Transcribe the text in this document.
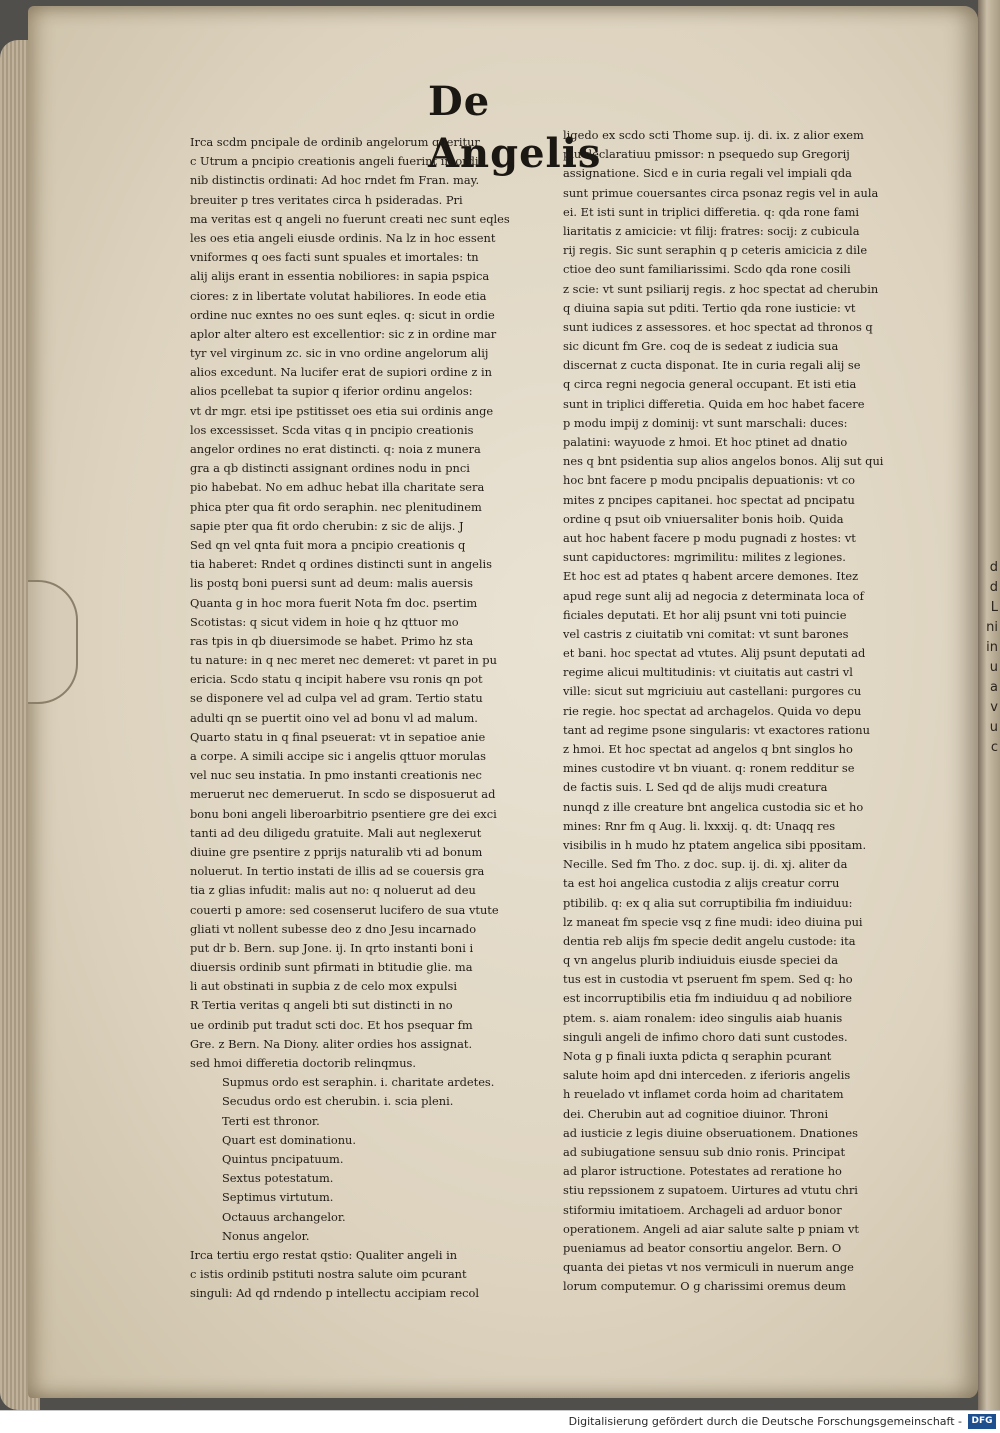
d
d
L
ni
in
u
a
v
u
c
De Angelis
Irca scdm pncipale de ordinib angelorum queritur
c Utrum a pncipio creationis angeli fuerint in ordi
nib distinctis ordinati: Ad hoc rndet fm Fran. may.
breuiter p tres veritates circa h psideradas. Pri
ma veritas est q angeli no fuerunt creati nec sunt eqles
les oes etia angeli eiusde ordinis. Na lz in hoc essent
vniformes q oes facti sunt spuales et imortales: tn
alij alijs erant in essentia nobiliores: in sapia pspica
ciores: z in libertate volutat habiliores. In eode etia
ordine nuc exntes no oes sunt eqles. q: sicut in ordie
aplor alter altero est excellentior: sic z in ordine mar
tyr vel virginum zc. sic in vno ordine angelorum alij
alios excedunt. Na lucifer erat de supiori ordine z in
alios pcellebat ta supior q iferior ordinu angelos:
vt dr mgr. etsi ipe pstitisset oes etia sui ordinis ange
los excessisset. Scda vitas q in pncipio creationis
angelor ordines no erat distincti. q: noia z munera
gra a qb distincti assignant ordines nodu in pnci
pio habebat. No em adhuc hebat illa charitate sera
phica pter qua fit ordo seraphin. nec plenitudinem
sapie pter qua fit ordo cherubin: z sic de alijs. J
Sed qn vel qnta fuit mora a pncipio creationis q
tia haberet: Rndet q ordines distincti sunt in angelis
lis postq boni puersi sunt ad deum: malis auersis
Quanta g in hoc mora fuerit Nota fm doc. psertim
Scotistas: q sicut videm in hoie q hz qttuor mo
ras tpis in qb diuersimode se habet. Primo hz sta
tu nature: in q nec meret nec demeret: vt paret in pu
ericia. Scdo statu q incipit habere vsu ronis qn pot
se disponere vel ad culpa vel ad gram. Tertio statu
adulti qn se puertit oino vel ad bonu vl ad malum.
Quarto statu in q final pseuerat: vt in sepatioe anie
a corpe. A simili accipe sic i angelis qttuor morulas
vel nuc seu instatia. In pmo instanti creationis nec
meruerut nec demeruerut. In scdo se disposuerut ad
bonu boni angeli liberoarbitrio psentiere gre dei exci
tanti ad deu diligedu gratuite. Mali aut neglexerut
diuine gre psentire z pprijs naturalib vti ad bonum
noluerut. In tertio instati de illis ad se couersis gra
tia z glias infudit: malis aut no: q noluerut ad deu
couerti p amore: sed cosenserut lucifero de sua vtute
gliati vt nollent subesse deo z dno Jesu incarnado
put dr b. Bern. sup Jone. ij. In qrto instanti boni i
diuersis ordinib sunt pfirmati in btitudie glie. ma
li aut obstinati in supbia z de celo mox expulsi
R Tertia veritas q angeli bti sut distincti in no
ue ordinib put tradut scti doc. Et hos psequar fm
Gre. z Bern. Na Diony. aliter ordies hos assignat.
sed hmoi differetia doctorib relinqmus.
Supmus ordo est seraphin. i. charitate ardetes.
Secudus ordo est cherubin. i. scia pleni.
Terti est thronor.
Quart est dominationu.
Quintus pncipatuum.
Sextus potestatum.
Septimus virtutum.
Octauus archangelor.
Nonus angelor.
Irca tertiu ergo restat qstio: Qualiter angeli in
c istis ordinib pstituti nostra salute oim pcurant
singuli: Ad qd rndendo p intellectu accipiam recol
ligedo ex scdo scti Thome sup. ij. di. ix. z alior exem
plu declaratiuu pmissor: n psequedo sup Gregorij
assignatione. Sicd e in curia regali vel impiali qda
sunt primue couersantes circa psonaz regis vel in aula
ei. Et isti sunt in triplici differetia. q: qda rone fami
liaritatis z amicicie: vt filij: fratres: socij: z cubicula
rij regis. Sic sunt seraphin q p ceteris amicicia z dile
ctioe deo sunt familiarissimi. Scdo qda rone cosili
z scie: vt sunt psiliarij regis. z hoc spectat ad cherubin
q diuina sapia sut pditi. Tertio qda rone iusticie: vt
sunt iudices z assessores. et hoc spectat ad thronos q
sic dicunt fm Gre. coq de is sedeat z iudicia sua
discernat z cucta disponat. Ite in curia regali alij se
q circa regni negocia general occupant. Et isti etia
sunt in triplici differetia. Quida em hoc habet facere
p modu impij z dominij: vt sunt marschali: duces:
palatini: wayuode z hmoi. Et hoc ptinet ad dnatio
nes q bnt psidentia sup alios angelos bonos. Alij sut qui
hoc bnt facere p modu pncipalis depuationis: vt co
mites z pncipes capitanei. hoc spectat ad pncipatu
ordine q psut oib vniuersaliter bonis hoib. Quida
aut hoc habent facere p modu pugnadi z hostes: vt
sunt capiductores: mgrimilitu: milites z legiones.
Et hoc est ad ptates q habent arcere demones. Itez
apud rege sunt alij ad negocia z determinata loca of
ficiales deputati. Et hor alij psunt vni toti puincie
vel castris z ciuitatib vni comitat: vt sunt barones
et bani. hoc spectat ad vtutes. Alij psunt deputati ad
regime alicui multitudinis: vt ciuitatis aut castri vl
ville: sicut sut mgriciuiu aut castellani: purgores cu
rie regie. hoc spectat ad archagelos. Quida vo depu
tant ad regime psone singularis: vt exactores rationu
z hmoi. Et hoc spectat ad angelos q bnt singlos ho
mines custodire vt bn viuant. q: ronem redditur se
de factis suis. L Sed qd de alijs mudi creatura
nunqd z ille creature bnt angelica custodia sic et ho
mines: Rnr fm q Aug. li. lxxxij. q. dt: Unaqq res
visibilis in h mudo hz ptatem angelica sibi ppositam.
Necille. Sed fm Tho. z doc. sup. ij. di. xj. aliter da
ta est hoi angelica custodia z alijs creatur corru
ptibilib. q: ex q alia sut corruptibilia fm indiuiduu:
lz maneat fm specie vsq z fine mudi: ideo diuina pui
dentia reb alijs fm specie dedit angelu custode: ita
q vn angelus plurib indiuiduis eiusde speciei da
tus est in custodia vt pseruent fm spem. Sed q: ho
est incorruptibilis etia fm indiuiduu q ad nobiliore
ptem. s. aiam ronalem: ideo singulis aiab huanis
singuli angeli de infimo choro dati sunt custodes.
Nota g p finali iuxta pdicta q seraphin pcurant
salute hoim apd dni interceden. z iferioris angelis
h reuelado vt inflamet corda hoim ad charitatem
dei. Cherubin aut ad cognitioe diuinor. Throni
ad iusticie z legis diuine obseruationem. Dnationes
ad subiugatione sensuu sub dnio ronis. Principat
ad plaror istructione. Potestates ad reratione ho
stiu repssionem z supatoem. Uirtures ad vtutu chri
stiformiu imitatioem. Archageli ad arduor bonor
operationem. Angeli ad aiar salute salte p pniam vt
pueniamus ad beator consortiu angelor. Bern. O
quanta dei pietas vt nos vermiculi in nuerum ange
lorum computemur. O g charissimi oremus deum
Digitalisierung gefördert durch die Deutsche Forschungsgemeinschaft -	DFG
